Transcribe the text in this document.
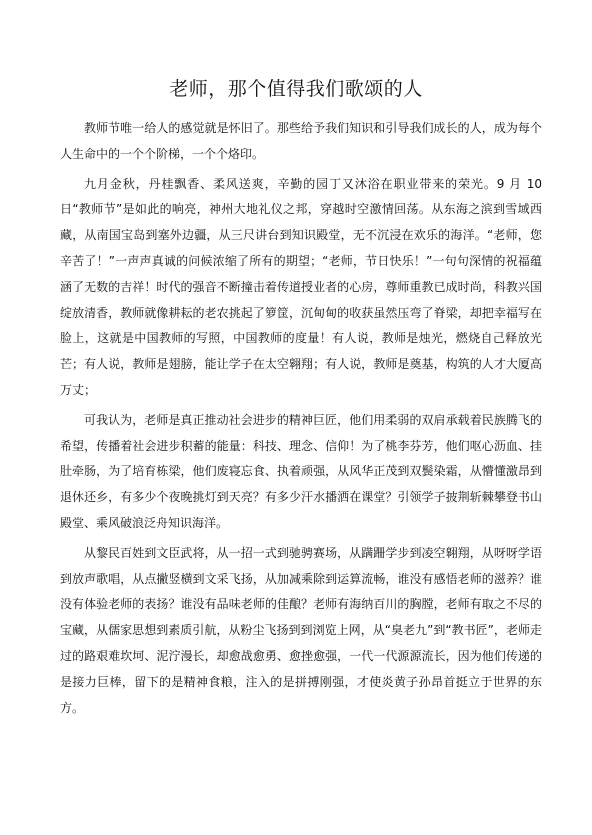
老师，那个值得我们歌颂的人

教师节唯一给人的感觉就是怀旧了。那些给予我们知识和引导我们成长的人，成为每个人生命中的一个个阶梯，一个个烙印。

九月金秋，丹桂飘香、柔风送爽，辛勤的园丁又沐浴在职业带来的荣光。9 月 10 日“教师节”是如此的响亮，神州大地礼仪之邦，穿越时空激情回荡。从东海之滨到雪域西藏，从南国宝岛到塞外边疆，从三尺讲台到知识殿堂，无不沉浸在欢乐的海洋。“老师，您辛苦了！”一声声真诚的问候浓缩了所有的期望；“老师，节日快乐！”一句句深情的祝福蕴涵了无数的吉祥！时代的强音不断撞击着传道授业者的心房，尊师重教已成时尚，科教兴国绽放清香，教师就像耕耘的老农挑起了箩筐，沉甸甸的收获虽然压弯了脊梁，却把幸福写在脸上，这就是中国教师的写照，中国教师的度量！有人说，教师是烛光，燃烧自己释放光芒；有人说，教师是翅膀，能让学子在太空翱翔；有人说，教师是奠基，构筑的人才大厦高万丈；

可我认为，老师是真正推动社会进步的精神巨匠，他们用柔弱的双肩承载着民族腾飞的希望，传播着社会进步积蓄的能量：科技、理念、信仰！为了桃李芬芳，他们呕心沥血、挂肚牵肠，为了培育栋梁，他们废寝忘食、执着顽强，从风华正茂到双鬓染霜，从懵懂激昂到退休还乡，有多少个夜晚挑灯到天亮？有多少汗水播洒在课堂？引领学子披荆斩棘攀登书山殿堂、乘风破浪泛舟知识海洋。

从黎民百姓到文臣武将，从一招一式到驰骋赛场，从蹒跚学步到凌空翱翔，从呀呀学语到放声歌唱，从点撇竖横到文采飞扬，从加减乘除到运算流畅，谁没有感悟老师的滋养？谁没有体验老师的表扬？谁没有品味老师的佳酿？老师有海纳百川的胸膛，老师有取之不尽的宝藏，从儒家思想到素质引航，从粉尘飞扬到到浏览上网，从“臭老九”到“教书匠”，老师走过的路艰难坎坷、泥泞漫长，却愈战愈勇、愈挫愈强，一代一代源源流长，因为他们传递的是接力巨棒，留下的是精神食粮，注入的是拼搏刚强，才使炎黄子孙昂首挺立于世界的东方。
